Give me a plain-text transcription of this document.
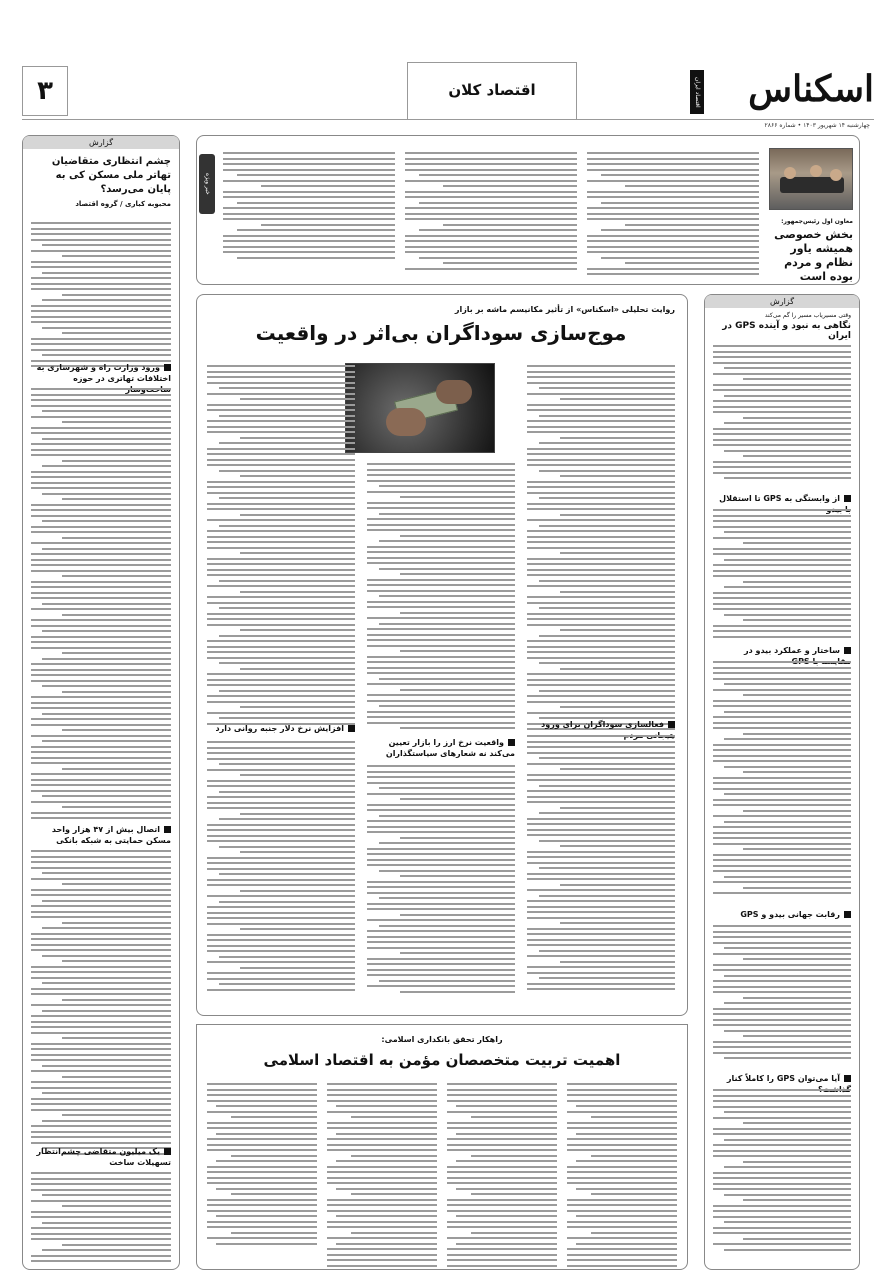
اسکناس
اقتصاد کلان
۳	اقتصاد ایران
چهارشنبه ۱۴ شهریور ۱۴۰۳ • شماره ۲۸۶۶
معاون اول رئیس‌جمهور:
بخش خصوصی همیشه یاور نظام و مردم بوده است
خبر ویژه
گزارش
چشم انتظاری متقاضیان تهاتر ملی مسکن کی به پایان می‌رسد؟
محبوبه کباری / گروه اقتصاد
ورود وزارت راه و شهرسازی به اختلافات تهاتری در حوزه
اتصال بیش از ۴۷ هزار واحد مسکن حمایتی به شبکه بانکی
یک میلیون متقاضی چشم‌انتظار تسهیلات ساخت
روایت تحلیلی «اسکناس» از تأثیر مکانیسم ماشه بر بازار
موج‌سازی سوداگران بی‌اثر در واقعیت
فعالسازی سوداگران برای ورود
واقعیت نرخ ارز را بازار تعیین می‌کند نه شعارهای سیاستگذاران
افزایش نرخ دلار جنبه روانی دارد
گزارش
وقتی مسیریاب مسیر را گم می‌کند
نگاهی به نبود و آینده GPS در ایران
از وابستگی به GPS تا استقلال
ساختار و عملکرد بیدو در
رقابت جهانی بیدو و GPS
آیا می‌توان GPS را کاملاً کنار
راهکار تحقق بانکداری اسلامی:
اهمیت تربیت متخصصان مؤمن به اقتصاد اسلامی
